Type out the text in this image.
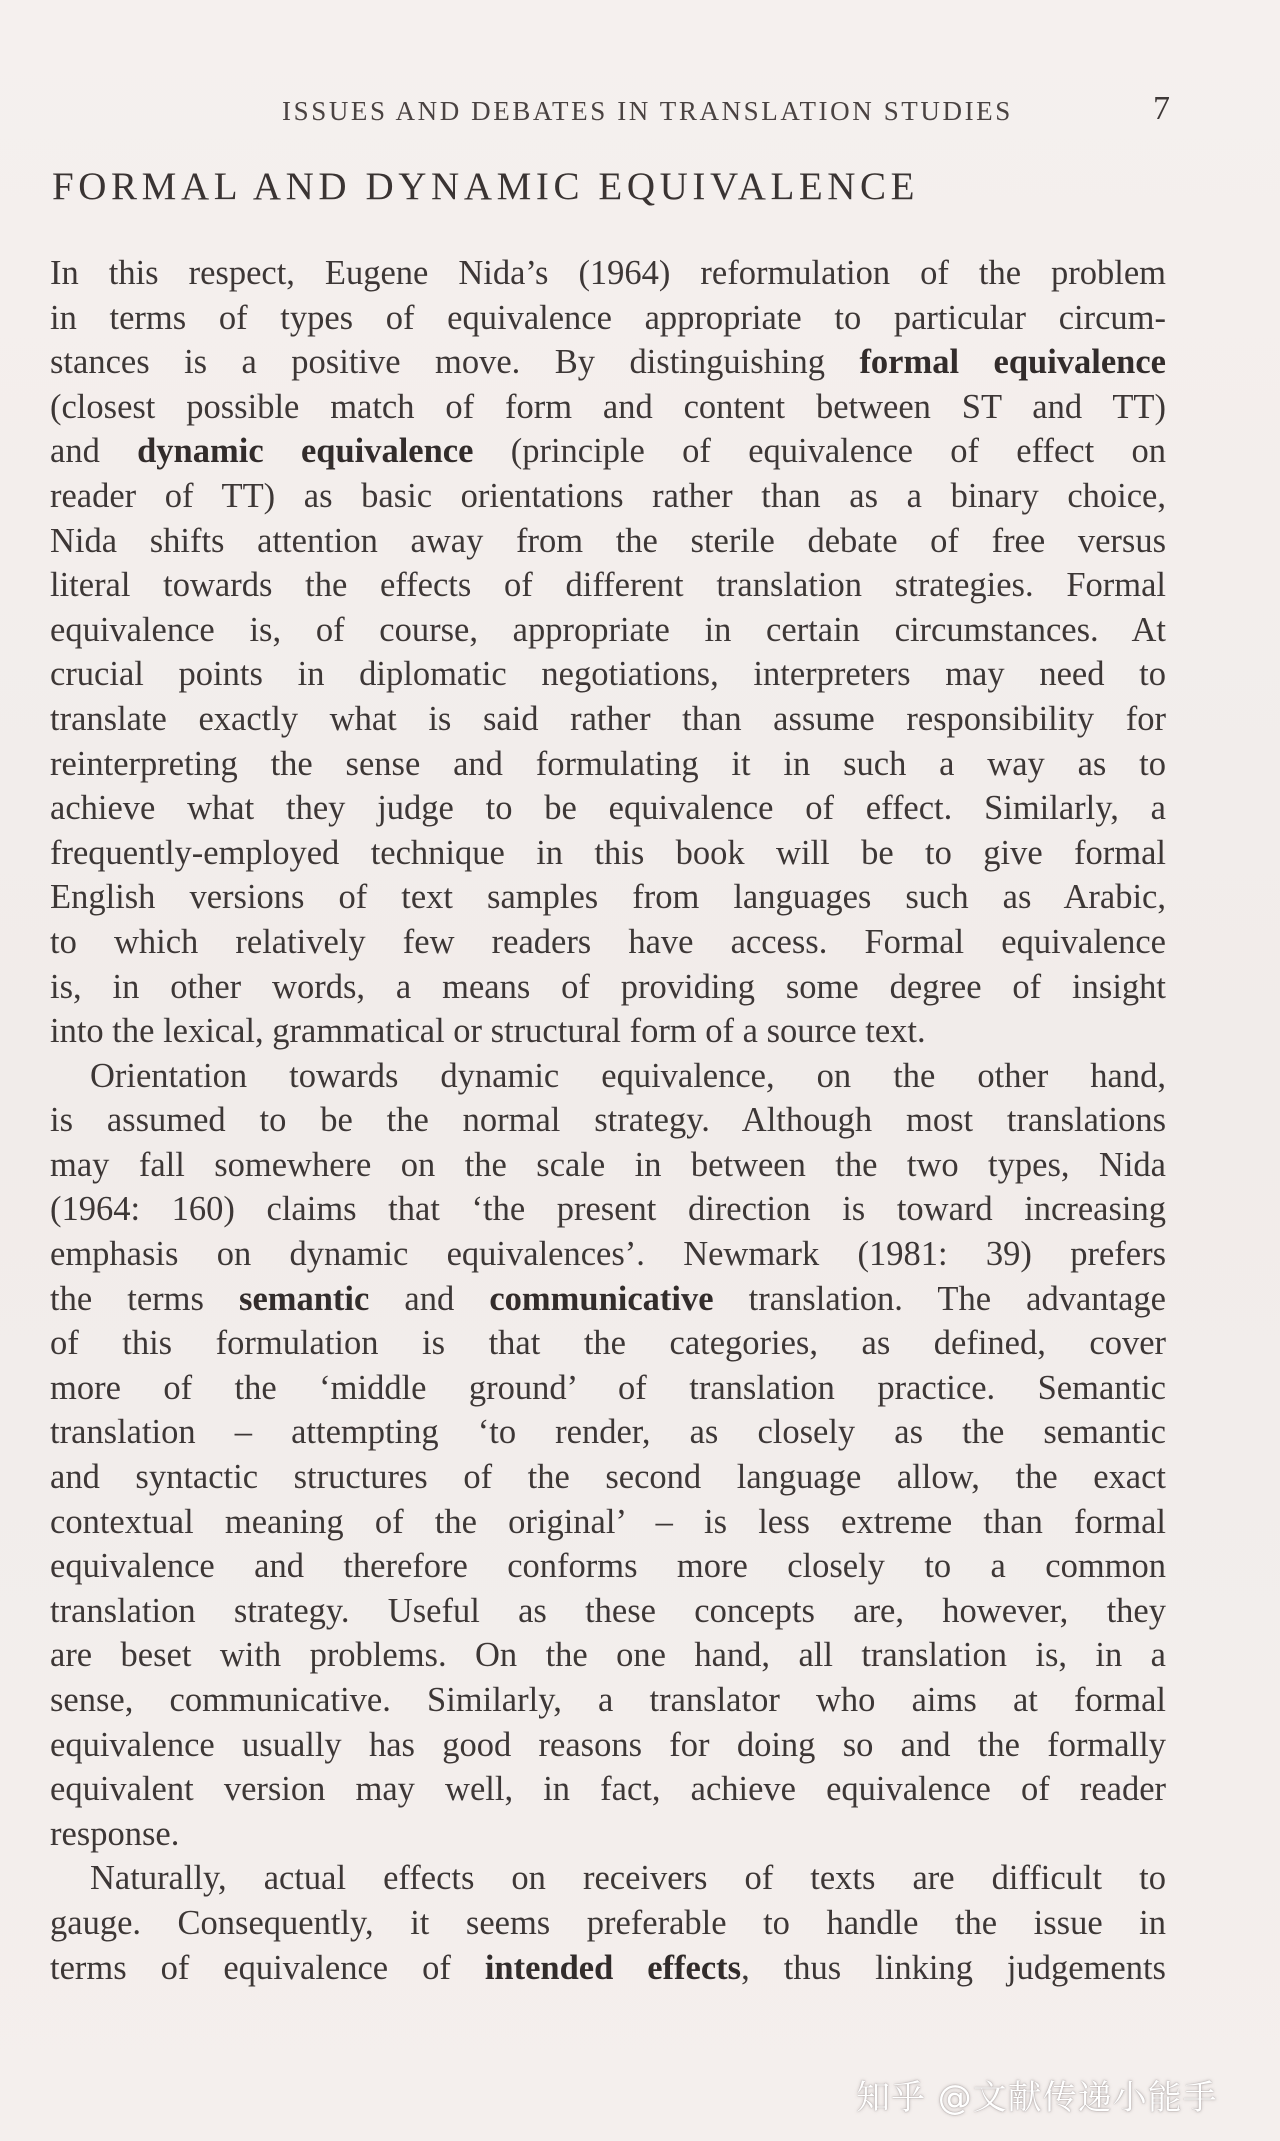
ISSUES AND DEBATES IN TRANSLATION STUDIES	7
FORMAL AND DYNAMIC EQUIVALENCE
In this respect, Eugene Nida’s (1964) reformulation of the problem
in terms of types of equivalence appropriate to particular circum-
stances is a positive move. By distinguishing formal equivalence
(closest possible match of form and content between ST and TT)
and dynamic equivalence (principle of equivalence of effect on
reader of TT) as basic orientations rather than as a binary choice,
Nida shifts attention away from the sterile debate of free versus
literal towards the effects of different translation strategies. Formal
equivalence is, of course, appropriate in certain circumstances. At
crucial points in diplomatic negotiations, interpreters may need to
translate exactly what is said rather than assume responsibility for
reinterpreting the sense and formulating it in such a way as to
achieve what they judge to be equivalence of effect. Similarly, a
frequently-employed technique in this book will be to give formal
English versions of text samples from languages such as Arabic,
to which relatively few readers have access. Formal equivalence
is, in other words, a means of providing some degree of insight
into the lexical, grammatical or structural form of a source text.
Orientation towards dynamic equivalence, on the other hand,
is assumed to be the normal strategy. Although most translations
may fall somewhere on the scale in between the two types, Nida
(1964: 160) claims that ‘the present direction is toward increasing
emphasis on dynamic equivalences’. Newmark (1981: 39) prefers
the terms semantic and communicative translation. The advantage
of this formulation is that the categories, as defined, cover
more of the ‘middle ground’ of translation practice. Semantic
translation – attempting ‘to render, as closely as the semantic
and syntactic structures of the second language allow, the exact
contextual meaning of the original’ – is less extreme than formal
equivalence and therefore conforms more closely to a common
translation strategy. Useful as these concepts are, however, they
are beset with problems. On the one hand, all translation is, in a
sense, communicative. Similarly, a translator who aims at formal
equivalence usually has good reasons for doing so and the formally
equivalent version may well, in fact, achieve equivalence of reader
response.
Naturally, actual effects on receivers of texts are difficult to
gauge. Consequently, it seems preferable to handle the issue in
terms of equivalence of intended effects, thus linking judgements
知乎 @文献传递小能手
